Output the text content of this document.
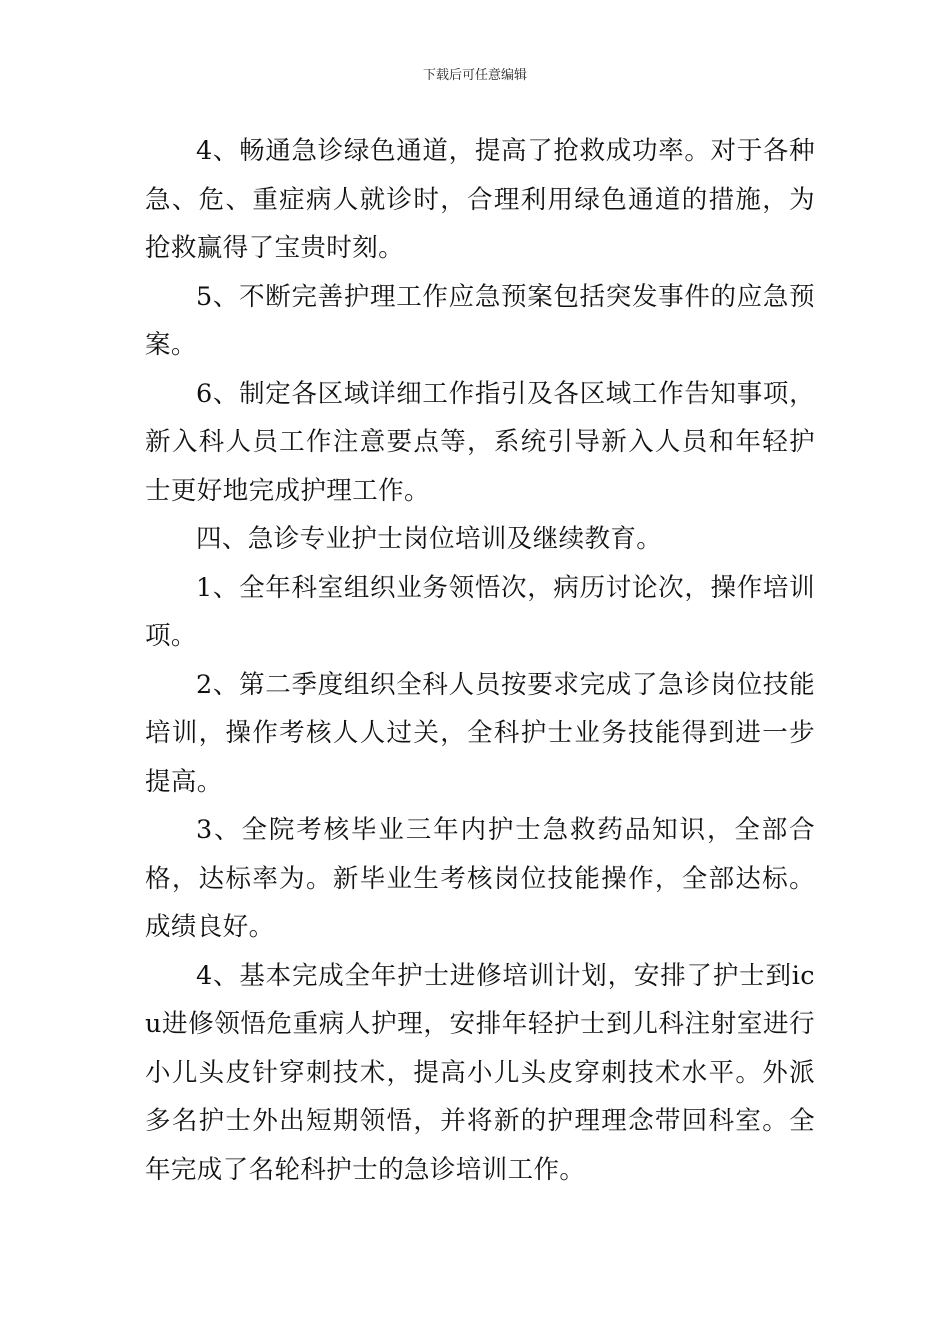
下载后可任意编辑

4、畅通急诊绿色通道，提高了抢救成功率。对于各种急、危、重症病人就诊时，合理利用绿色通道的措施，为抢救赢得了宝贵时刻。

5、不断完善护理工作应急预案包括突发事件的应急预案。

6、制定各区域详细工作指引及各区域工作告知事项，新入科人员工作注意要点等，系统引导新入人员和年轻护士更好地完成护理工作。

四、急诊专业护士岗位培训及继续教育。

1、全年科室组织业务领悟次，病历讨论次，操作培训项。

2、第二季度组织全科人员按要求完成了急诊岗位技能培训，操作考核人人过关，全科护士业务技能得到进一步提高。

3、全院考核毕业三年内护士急救药品知识，全部合格，达标率为。新毕业生考核岗位技能操作，全部达标。成绩良好。

4、基本完成全年护士进修培训计划，安排了护士到icu进修领悟危重病人护理，安排年轻护士到儿科注射室进行小儿头皮针穿刺技术，提高小儿头皮穿刺技术水平。外派多名护士外出短期领悟，并将新的护理理念带回科室。全年完成了名轮科护士的急诊培训工作。
